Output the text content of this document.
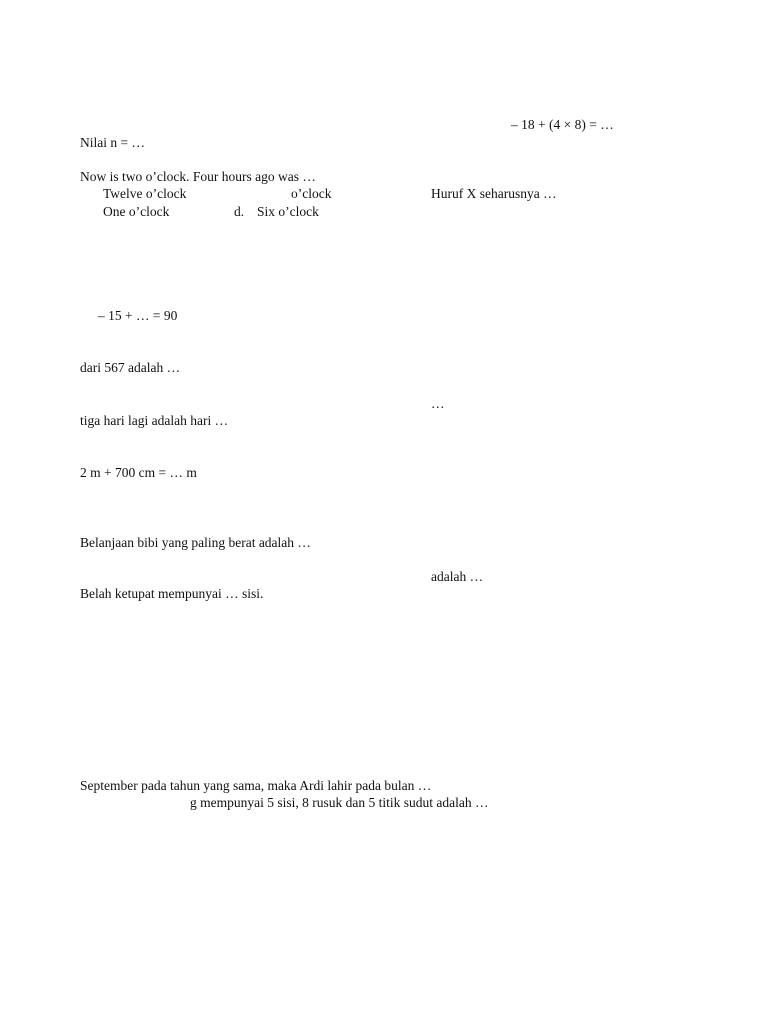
– 18 + (4 × 8) = …
Nilai n = …
Now is two o’clock. Four hours ago was …
Twelve o’clock	o’clock	Huruf X seharusnya …
One o’clock	d. Six o’clock
– 15 + … = 90
dari 567 adalah …
…
tiga hari lagi adalah hari …
2 m + 700 cm = … m
Belanjaan bibi yang paling berat adalah …
adalah …
Belah ketupat mempunyai … sisi.
September pada tahun yang sama, maka Ardi lahir pada bulan …
g mempunyai 5 sisi, 8 rusuk dan 5 titik sudut adalah …
